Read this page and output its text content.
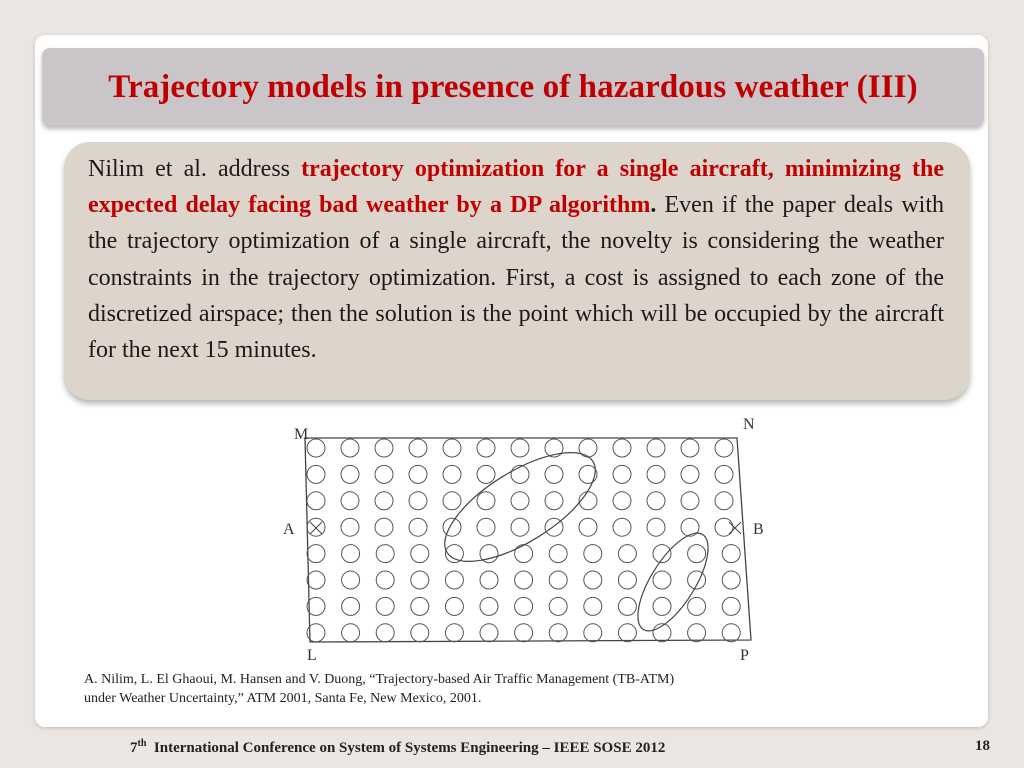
Trajectory models in presence of hazardous weather (III)

Nilim et al. address trajectory optimization for a single aircraft, minimizing the expected delay facing bad weather by a DP algorithm. Even if the paper deals with the trajectory optimization of a single aircraft, the novelty is considering the weather constraints in the trajectory optimization. First, a cost is assigned to each zone of the discretized airspace; then the solution is the point which will be occupied by the aircraft for the next 15 minutes.

M
N
L	P
A	B
A. Nilim, L. El Ghaoui, M. Hansen and V. Duong, “Trajectory-based Air Traffic Management (TB-ATM)
under Weather Uncertainty,” ATM 2001, Santa Fe, New Mexico, 2001.
7th  International Conference on System of Systems Engineering – IEEE SOSE 2012	18
